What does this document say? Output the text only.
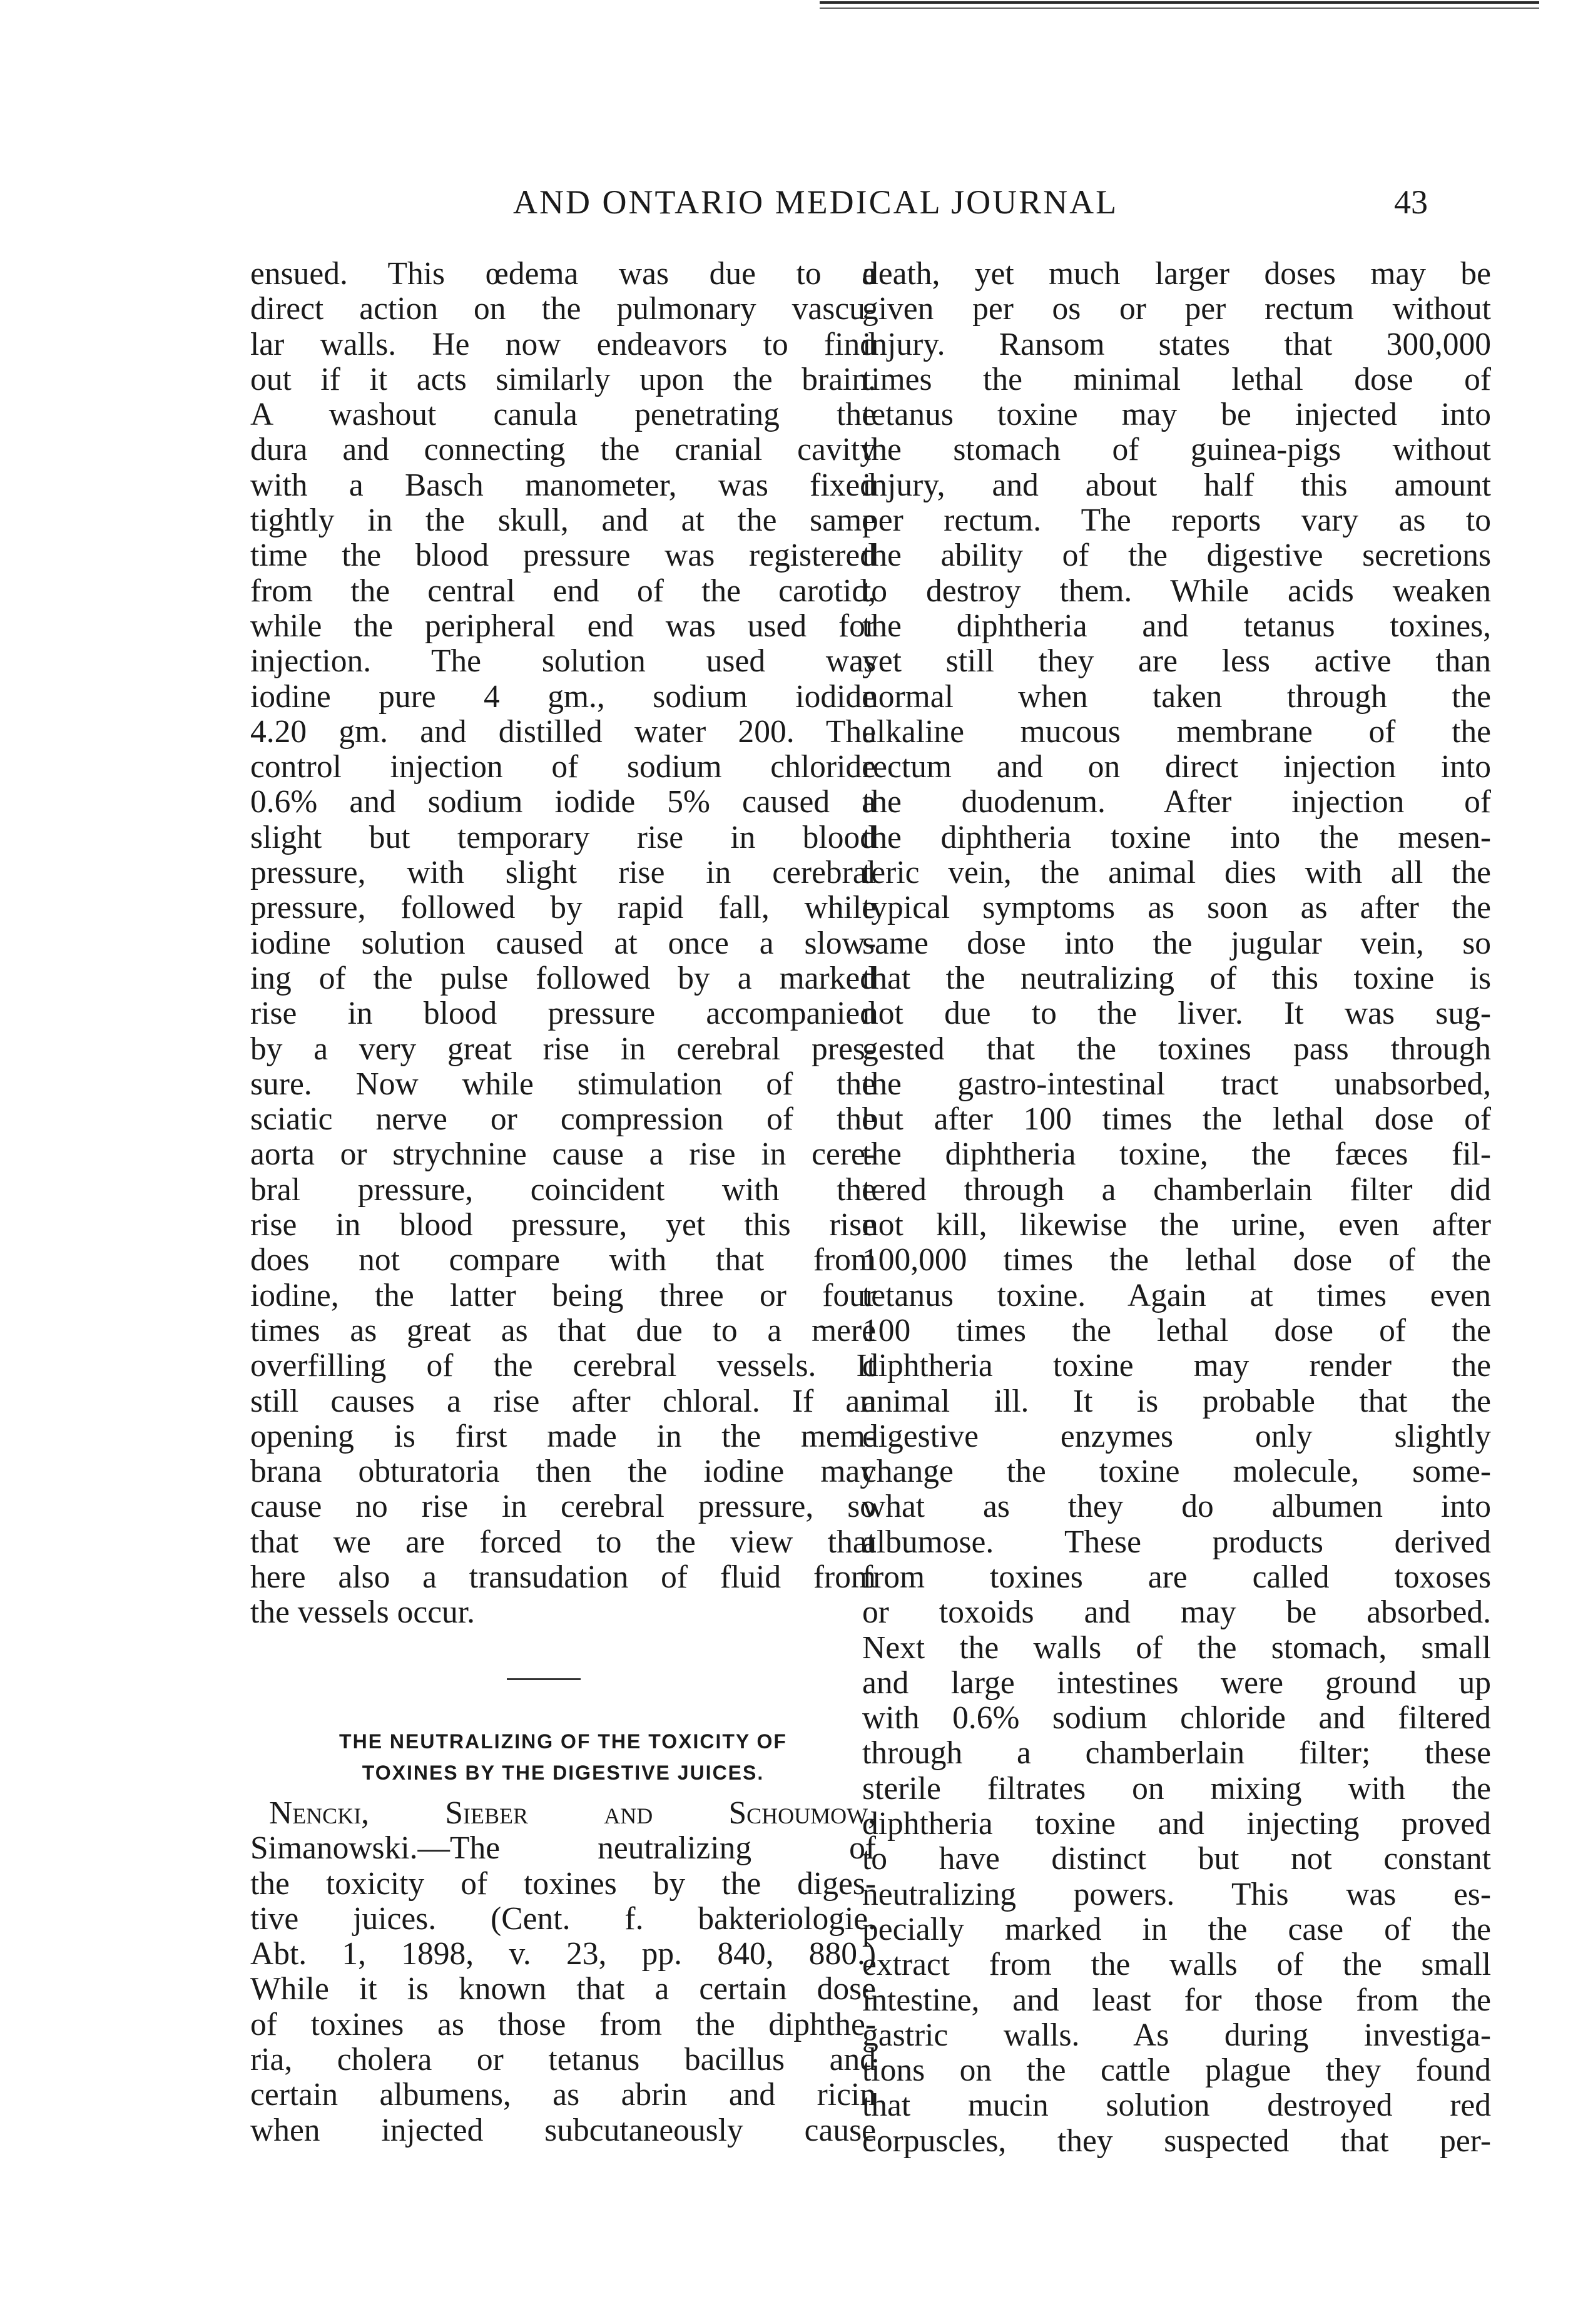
AND ONTARIO MEDICAL JOURNAL	43
ensued. This œdema was due to a
direct action on the pulmonary vascu-
lar walls. He now endeavors to find
out if it acts similarly upon the brain.
A washout canula penetrating the
dura and connecting the cranial cavity
with a Basch manometer, was fixed
tightly in the skull, and at the same
time the blood pressure was registered
from the central end of the carotid,
while the peripheral end was used for
injection. The solution used was
iodine pure 4 gm., sodium iodide
4.20 gm. and distilled water 200. The
control injection of sodium chloride
0.6% and sodium iodide 5% caused a
slight but temporary rise in blood
pressure, with slight rise in cerebral
pressure, followed by rapid fall, while
iodine solution caused at once a slow-
ing of the pulse followed by a marked
rise in blood pressure accompanied
by a very great rise in cerebral pres-
sure. Now while stimulation of the
sciatic nerve or compression of the
aorta or strychnine cause a rise in cere-
bral pressure, coincident with the
rise in blood pressure, yet this rise
does not compare with that from
iodine, the latter being three or four
times as great as that due to a mere
overfilling of the cerebral vessels. It
still causes a rise after chloral. If an
opening is first made in the mem-
brana obturatoria then the iodine may
cause no rise in cerebral pressure, so
that we are forced to the view that
here also a transudation of fluid from
the vessels occur.
THE NEUTRALIZING OF THE TOXICITY OF
TOXINES BY THE DIGESTIVE JUICES.
Nencki, Sieber and Schoumow,
Simanowski.—The neutralizing of
the toxicity of toxines by the diges-
tive juices. (Cent. f. bakteriologie.
Abt. 1, 1898, v. 23, pp. 840, 880.)
While it is known that a certain dose
of toxines as those from the diphthe-
ria, cholera or tetanus bacillus and
certain albumens, as abrin and ricin
when injected subcutaneously cause
death, yet much larger doses may be
given per os or per rectum without
injury. Ransom states that 300,000
times the minimal lethal dose of
tetanus toxine may be injected into
the stomach of guinea-pigs without
injury, and about half this amount
per rectum. The reports vary as to
the ability of the digestive secretions
to destroy them. While acids weaken
the diphtheria and tetanus toxines,
yet still they are less active than
normal when taken through the
alkaline mucous membrane of the
rectum and on direct injection into
the duodenum. After injection of
the diphtheria toxine into the mesen-
teric vein, the animal dies with all the
typical symptoms as soon as after the
same dose into the jugular vein, so
that the neutralizing of this toxine is
not due to the liver. It was sug-
gested that the toxines pass through
the gastro-intestinal tract unabsorbed,
but after 100 times the lethal dose of
the diphtheria toxine, the fæces fil-
tered through a chamberlain filter did
not kill, likewise the urine, even after
100,000 times the lethal dose of the
tetanus toxine. Again at times even
100 times the lethal dose of the
diphtheria toxine may render the
animal ill. It is probable that the
digestive enzymes only slightly
change the toxine molecule, some-
what as they do albumen into
albumose. These products derived
from toxines are called toxoses
or toxoids and may be absorbed.
Next the walls of the stomach, small
and large intestines were ground up
with 0.6% sodium chloride and filtered
through a chamberlain filter; these
sterile filtrates on mixing with the
diphtheria toxine and injecting proved
to have distinct but not constant
neutralizing powers. This was es-
pecially marked in the case of the
extract from the walls of the small
intestine, and least for those from the
gastric walls. As during investiga-
tions on the cattle plague they found
that mucin solution destroyed red
corpuscles, they suspected that per-
